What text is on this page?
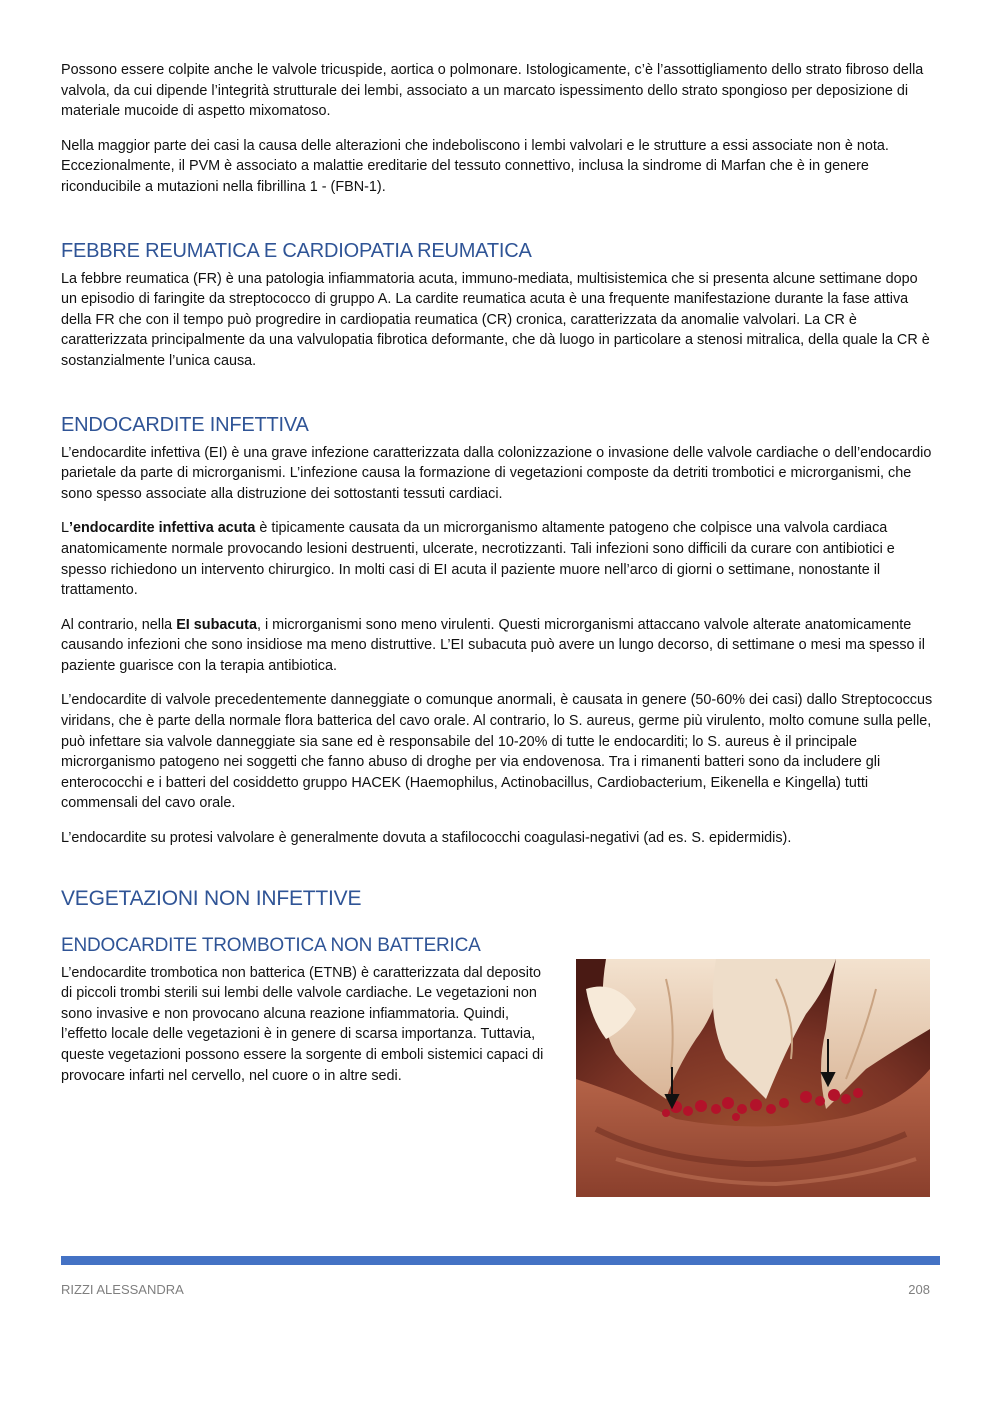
Possono essere colpite anche le valvole tricuspide, aortica o polmonare. Istologicamente, c’è l’assottigliamento dello strato fibroso della valvola, da cui dipende l’integrità strutturale dei lembi, associato a un marcato ispessimento dello strato spongioso per deposizione di materiale mucoide di aspetto mixomatoso.

Nella maggior parte dei casi la causa delle alterazioni che indeboliscono i lembi valvolari e le strutture a essi associate non è nota. Eccezionalmente, il PVM è associato a malattie ereditarie del tessuto connettivo, inclusa la sindrome di Marfan che è in genere riconducibile a mutazioni nella fibrillina 1 - (FBN-1).

FEBBRE REUMATICA E CARDIOPATIA REUMATICA

La febbre reumatica (FR) è una patologia infiammatoria acuta, immuno-mediata, multisistemica che si presenta alcune settimane dopo un episodio di faringite da streptococco di gruppo A. La cardite reumatica acuta è una frequente manifestazione durante la fase attiva della FR che con il tempo può progredire in cardiopatia reumatica (CR) cronica, caratterizzata da anomalie valvolari. La CR è caratterizzata principalmente da una valvulopatia fibrotica deformante, che dà luogo in particolare a stenosi mitralica, della quale la CR è sostanzialmente l’unica causa.

ENDOCARDITE INFETTIVA

L’endocardite infettiva (EI) è una grave infezione caratterizzata dalla colonizzazione o invasione delle valvole cardiache o dell’endocardio parietale da parte di microrganismi. L’infezione causa la formazione di vegetazioni composte da detriti trombotici e microrganismi, che sono spesso associate alla distruzione dei sottostanti tessuti cardiaci.

L’endocardite infettiva acuta è tipicamente causata da un microrganismo altamente patogeno che colpisce una valvola cardiaca anatomicamente normale provocando lesioni destruenti, ulcerate, necrotizzanti. Tali infezioni sono difficili da curare con antibiotici e spesso richiedono un intervento chirurgico. In molti casi di EI acuta il paziente muore nell’arco di giorni o settimane, nonostante il trattamento.

Al contrario, nella EI subacuta, i microrganismi sono meno virulenti. Questi microrganismi attaccano valvole alterate anatomicamente causando infezioni che sono insidiose ma meno distruttive. L’EI subacuta può avere un lungo decorso, di settimane o mesi ma spesso il paziente guarisce con la terapia antibiotica.

L’endocardite di valvole precedentemente danneggiate o comunque anormali, è causata in genere (50-60% dei casi) dallo Streptococcus viridans, che è parte della normale flora batterica del cavo orale. Al contrario, lo S. aureus, germe più virulento, molto comune sulla pelle, può infettare sia valvole danneggiate sia sane ed è responsabile del 10-20% di tutte le endocarditi; lo S. aureus è il principale microrganismo patogeno nei soggetti che fanno abuso di droghe per via endovenosa. Tra i rimanenti batteri sono da includere gli enterococchi e i batteri del cosiddetto gruppo HACEK (Haemophilus, Actinobacillus, Cardiobacterium, Eikenella e Kingella) tutti commensali del cavo orale.

L’endocardite su protesi valvolare è generalmente dovuta a stafilococchi coagulasi-negativi (ad es. S. epidermidis).

VEGETAZIONI NON INFETTIVE
ENDOCARDITE TROMBOTICA NON BATTERICA

L’endocardite trombotica non batterica (ETNB) è caratterizzata dal deposito di piccoli trombi sterili sui lembi delle valvole cardiache. Le vegetazioni non sono invasive e non provocano alcuna reazione infiammatoria. Quindi, l’effetto locale delle vegetazioni è in genere di scarsa importanza. Tuttavia, queste vegetazioni possono essere la sorgente di emboli sistemici capaci di provocare infarti nel cervello, nel cuore o in altre sedi.

RIZZI ALESSANDRA	208
